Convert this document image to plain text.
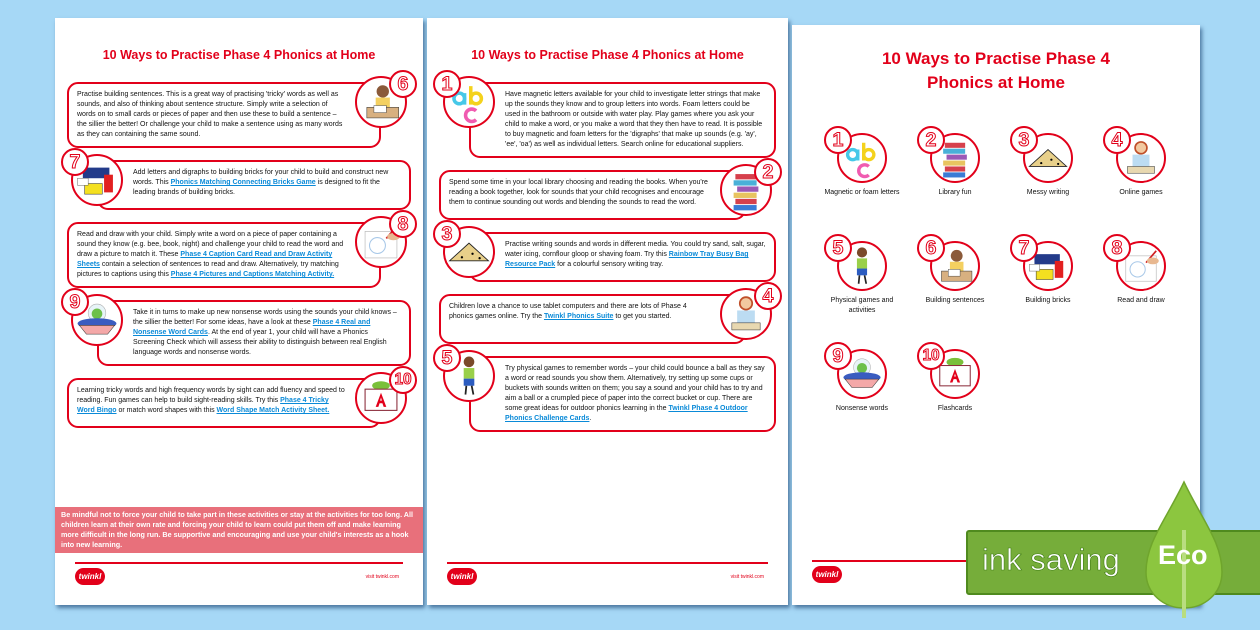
10 Ways to Practise Phase 4 Phonics at Home
Practise building sentences. This is a great way of practising 'tricky' words as well as sounds, and also of thinking about sentence structure. Simply write a selection of words on to small cards or pieces of paper and then use these to build a sentence – the sillier the better! Or challenge your child to make a sentence using as many words as they can containing the same sound.
6
Add letters and digraphs to building bricks for your child to build and construct new words. This Phonics Matching Connecting Bricks Game is designed to fit the leading brands of building bricks.
7
Read and draw with your child. Simply write a word on a piece of paper containing a sound they know (e.g. bee, book, night) and challenge your child to read the word and draw a picture to match it. These Phase 4 Caption Card Read and Draw Activity Sheets contain a selection of sentences to read and draw. Alternatively, try matching pictures to captions using this Phase 4 Pictures and Captions Matching Activity.
8
Take it in turns to make up new nonsense words using the sounds your child knows – the sillier the better! For some ideas, have a look at these Phase 4 Real and Nonsense Word Cards. At the end of year 1, your child will have a Phonics Screening Check which will assess their ability to distinguish between real English language words and nonsense words.
9
Learning tricky words and high frequency words by sight can add fluency and speed to reading. Fun games can help to build sight-reading skills. Try this Phase 4 Tricky Word Bingo or match word shapes with this Word Shape Match Activity Sheet.
10
Be mindful not to force your child to take part in these activities or stay at the activities for too long. All children learn at their own rate and forcing your child to learn could put them off and make learning more difficult in the long run. Be supportive and encouraging and use your child's interests as a hook into new learning.
twinkl	visit twinkl.com
10 Ways to Practise Phase 4 Phonics at Home
Have magnetic letters available for your child to investigate letter strings that make up the sounds they know and to group letters into words. Foam letters could be used in the bathroom or outside with water play. Play games where you ask your child to make a word, or you make a word that they then have to read. It is possible to buy magnetic and foam letters for the 'digraphs' that make up sounds (e.g. 'ay', 'ee', 'oa') as well as individual letters. Search online for educational suppliers.
1
Spend some time in your local library choosing and reading the books. When you're reading a book together, look for sounds that your child recognises and encourage them to continue sounding out words and blending the sounds to read the word.
2
Practise writing sounds and words in different media. You could try sand, salt, sugar, water icing, cornflour gloop or shaving foam. Try this Rainbow Tray Busy Bag Resource Pack for a colourful sensory writing tray.
3
Children love a chance to use tablet computers and there are lots of Phase 4 phonics games online. Try the Twinkl Phonics Suite to get you started.
4
Try physical games to remember words – your child could bounce a ball as they say a word or read sounds you show them. Alternatively, try setting up some cups or buckets with sounds written on them; you say a sound and your child has to try and aim a ball or a crumpled piece of paper into the correct bucket or cup. There are some great ideas for outdoor phonics learning in the Twinkl Phase 4 Outdoor Phonics Challenge Cards.
5
twinkl	visit twinkl.com
10 Ways to Practise Phase 4
Phonics at Home
1
Magnetic or foam letters
2
Library fun
3
Messy writing
4
Online games
5
Physical games and activities
6
Building sentences
7
Building bricks
8
Read and draw
9
Nonsense words
10
Flashcards
twinkl	ink saving Eco
